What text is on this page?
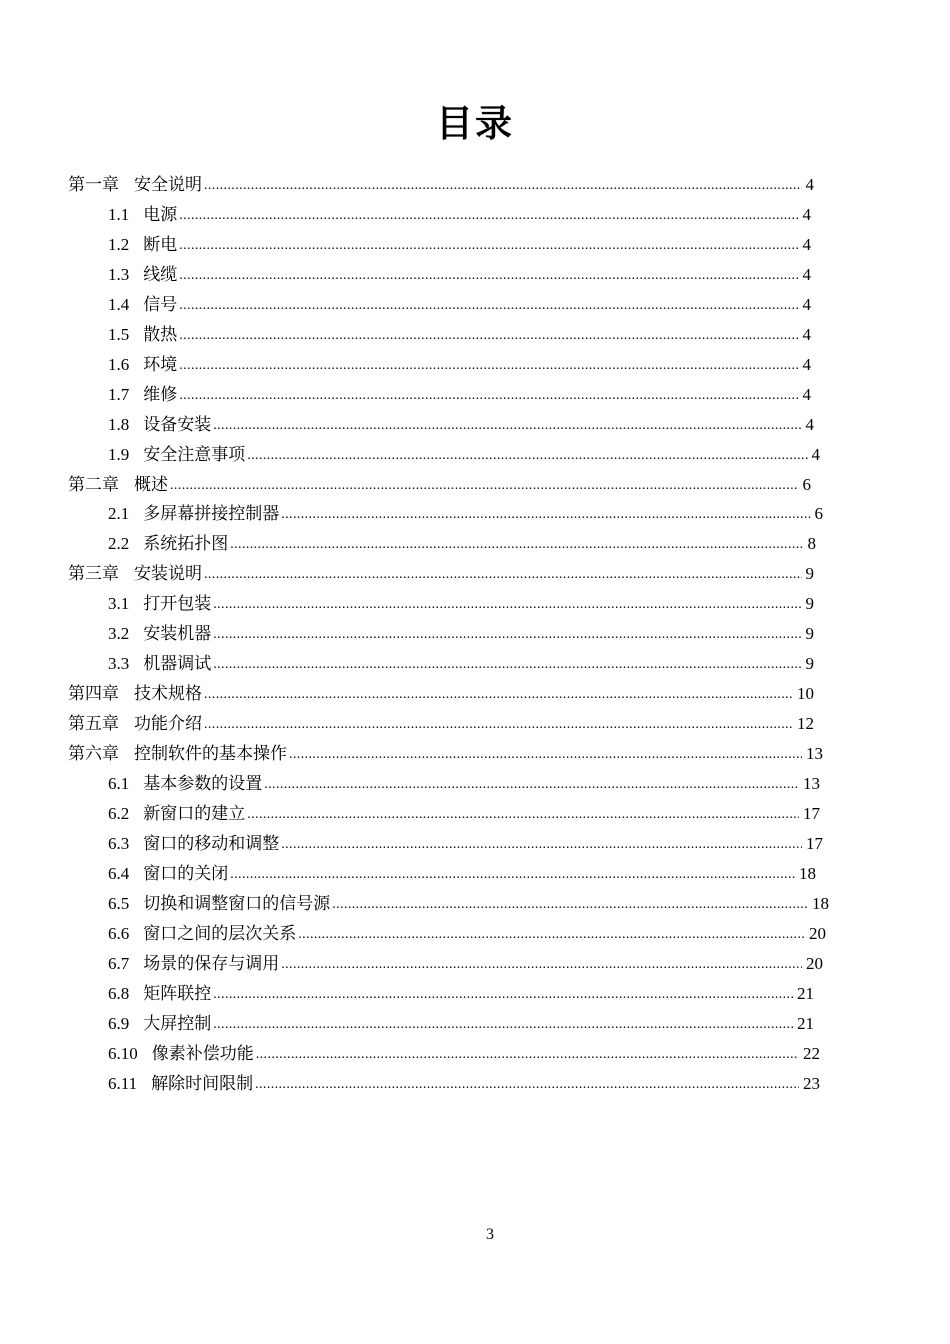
目录
第一章 安全说明 .....	4
1.1 电源 .....	4
1.2 断电 .....	4
1.3 线缆 .....	4
1.4 信号 .....	4
1.5 散热 .....	4
1.6 环境 .....	4
1.7 维修 .....	4
1.8 设备安装 .....	4
1.9 安全注意事项 .....	4
第二章 概述 .....	6
2.1 多屏幕拼接控制器 .....	6
2.2 系统拓扑图 .....	8
第三章 安装说明 .....	9
3.1 打开包装 .....	9
3.2 安装机器 .....	9
3.3 机器调试 .....	9
第四章 技术规格 .....	10
第五章 功能介绍 .....	12
第六章 控制软件的基本操作 .....	13
6.1 基本参数的设置 .....	13
6.2 新窗口的建立 .....	17
6.3 窗口的移动和调整 .....	17
6.4 窗口的关闭 .....	18
6.5 切换和调整窗口的信号源 .....	18
6.6 窗口之间的层次关系 .....	20
6.7 场景的保存与调用 .....	20
6.8 矩阵联控 .....	21
6.9 大屏控制 .....	21
6.10 像素补偿功能 .....	22
6.11 解除时间限制 .....	23
3
